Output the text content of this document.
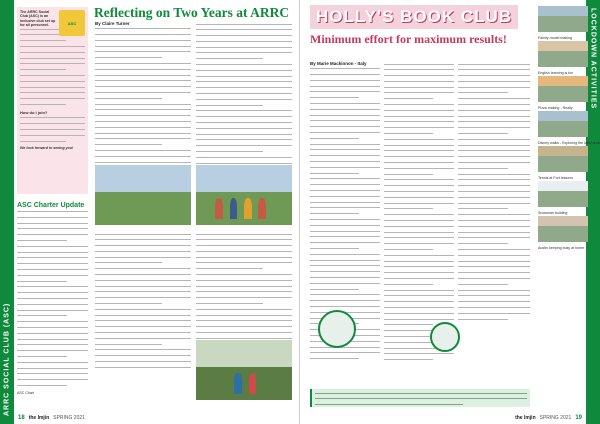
ARRC SOCIAL CLUB (ASC)
ASC

The ARRC Social Club (ASC) is an inclusive club set up for all personnel.

How do I join?
We look forward to seeing you!
ASC Charter Update
ASC Chair
Reflecting on Two Years at ARRC
By Claire Turner
18 the Imjin SPRING 2021
LOCKDOWN ACTIVITIES
HOLLY'S BOOK CLUB
Minimum effort for maximum results!
By Marie Mackinnon - Italy
Family model making
English learning is fun
Pizza making - Really
Disney walks - Exploring the local area
Tennis at Fort lessons
Snowman building
Austin keeping busy at home
the Imjin SPRING 2021 19
